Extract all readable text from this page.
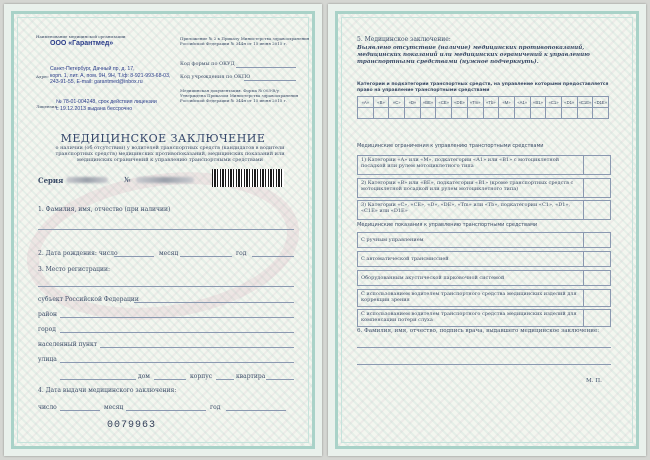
Наименование медицинской организации
ООО «Гарантмед»
Адрес
Санкт-Петербург, Дачный пр, д. 17,
корп. 1, лит. А, пом. 9Н, 9Н, Т./ф: 8-921-993-68-03,
243-91-55, E-mail: garantmed@inbox.ru
Лицензия
№ 78-01-004248, срок действия лицензии
с 19.12.2013 выдана бессрочно
Приложение № 2 к Приказу Министерства здравоохранения
Российской Федерации № 344н от 15 июня 2015 г.
Код формы по ОКУД
Код учреждения по ОКПО
Медицинская документация. Форма № 003-В/у
Утверждена Приказом Министерства здравоохранения
Российской Федерации № 344н от 15 июня 2015 г.
МЕДИЦИНСКОЕ ЗАКЛЮЧЕНИЕ
о наличии (об отсутствии) у водителей транспортных средств (кандидатов в водители транспортных средств) медицинских противопоказаний, медицинских показаний или медицинских ограничений к управлению транспортными средствами
Серия	№
1. Фамилия, имя, отчество (при наличии)
2. Дата рождения: число	месяц	год
3. Место регистрации:
субъект Российской Федерации
район
город
населенный пункт
улица
дом	корпус	квартира
4. Дата выдачи медицинского заключения:
число	месяц	год
0079963
5. Медицинское заключение:
Выявлено отсутствие (наличие) медицинских противопоказаний, медицинских показаний или медицинских ограничений к управлению транспортными средствами (нужное подчеркнуть).
Категории и подкатегории транспортных средств, на управление которыми предоставляется право на управление транспортными средствами
«А»	«В»	«С»	«D»	«ВЕ»	«СЕ»	«DE»	«Tm»	«Tb»	«M»	«А1»	«В1»	«С1»	«D1»	«С1Е» «D1Е»
Медицинские ограничения к управлению транспортными средствами
1) Категории «А» или «М», подкатегории «А1» или «В1» с мотоциклетной посадкой или рулем мотоциклетного типа
2) Категории «В» или «ВЕ», подкатегории «В1» (кроме транспортных средств с мотоциклетной посадкой или рулем мотоциклетного типа)
3) Категории «С», «СЕ», «D», «DE», «Tm» или «Tb», подкатегории «С1», «D1», «С1Е» или «D1Е»
Медицинские показания к управлению транспортными средствами
С ручным управлением
С автоматической трансмиссией
Оборудованным акустической парковочной системой
С использованием водителем транспортного средства медицинских изделий для коррекции зрения
С использованием водителем транспортного средства медицинских изделий для компенсации потери слуха
6. Фамилия, имя, отчество, подпись врача, выдавшего медицинское заключение:
М. П.
